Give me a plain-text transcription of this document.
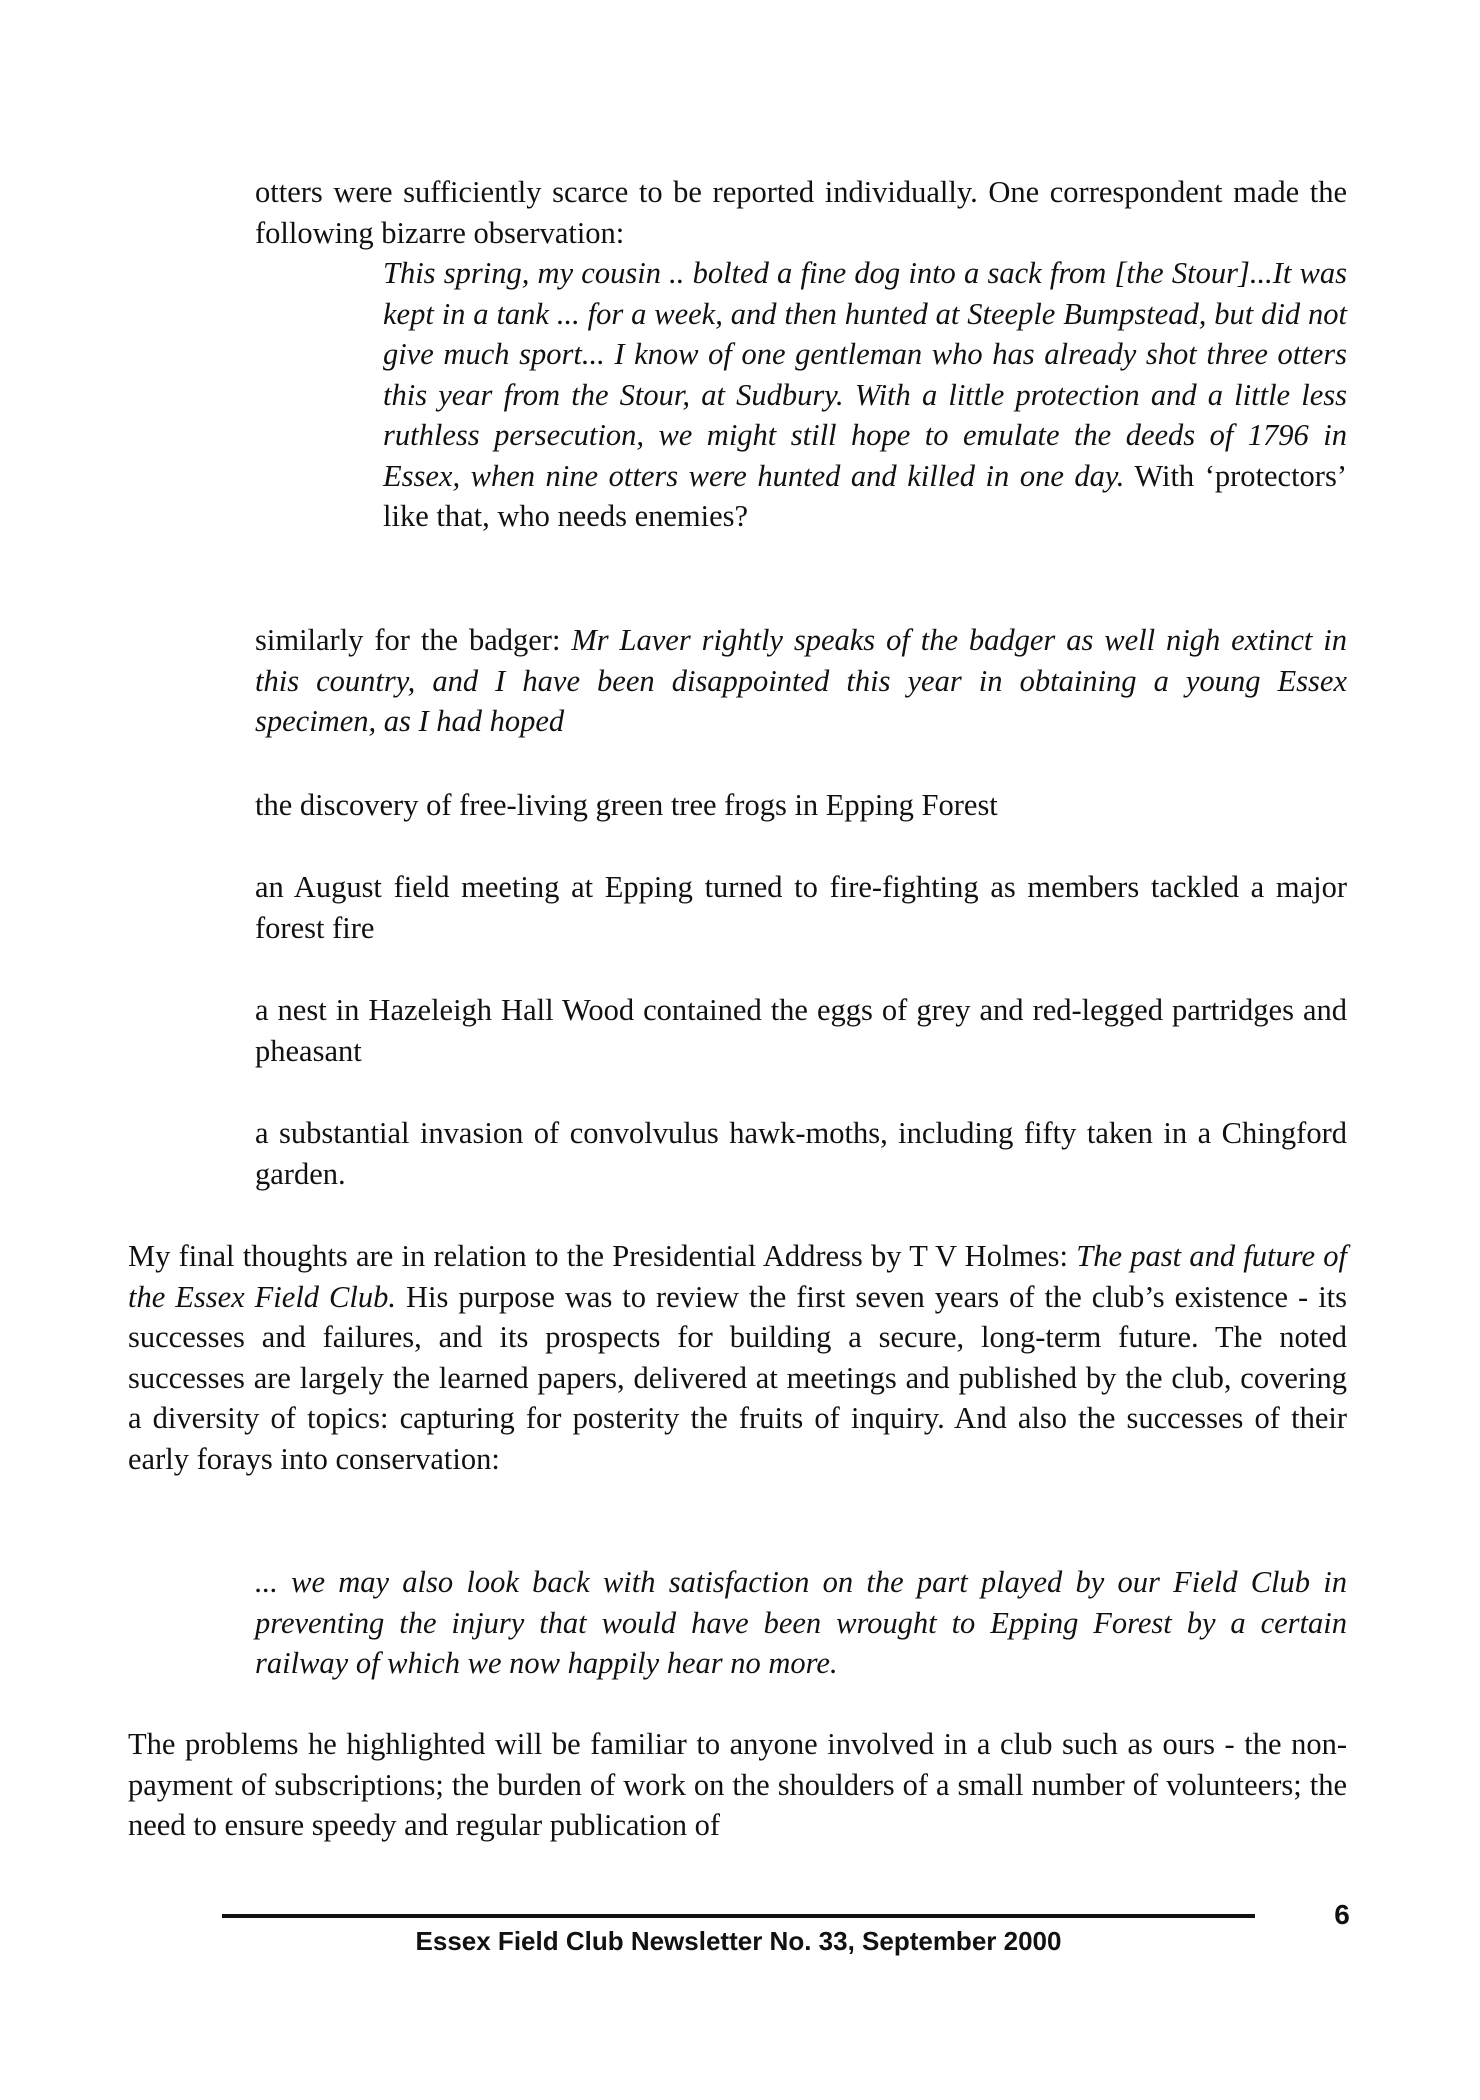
otters were sufficiently scarce to be reported individually. One correspondent made the following bizarre observation:

This spring, my cousin .. bolted a fine dog into a sack from [the Stour]...It was kept in a tank ... for a week, and then hunted at Steeple Bumpstead, but did not give much sport... I know of one gentleman who has already shot three otters this year from the Stour, at Sudbury. With a little protection and a little less ruthless persecution, we might still hope to emulate the deeds of 1796 in Essex, when nine otters were hunted and killed in one day. With ‘protectors’ like that, who needs enemies?

similarly for the badger: Mr Laver rightly speaks of the badger as well nigh extinct in this country, and I have been disappointed this year in obtaining a young Essex specimen, as I had hoped

the discovery of free-living green tree frogs in Epping Forest

an August field meeting at Epping turned to fire-fighting as members tackled a major forest fire

a nest in Hazeleigh Hall Wood contained the eggs of grey and red-legged partridges and pheasant

a substantial invasion of convolvulus hawk-moths, including fifty taken in a Chingford garden.

My final thoughts are in relation to the Presidential Address by T V Holmes: The past and future of the Essex Field Club. His purpose was to review the first seven years of the club’s existence - its successes and failures, and its prospects for building a secure, long-term future. The noted successes are largely the learned papers, delivered at meetings and published by the club, covering a diversity of topics: capturing for posterity the fruits of inquiry. And also the successes of their early forays into conservation:

... we may also look back with satisfaction on the part played by our Field Club in preventing the injury that would have been wrought to Epping Forest by a certain railway of which we now happily hear no more.

The problems he highlighted will be familiar to anyone involved in a club such as ours - the non-payment of subscriptions; the burden of work on the shoulders of a small number of volunteers; the need to ensure speedy and regular publication of

Essex Field Club Newsletter No. 33, September 2000
6
